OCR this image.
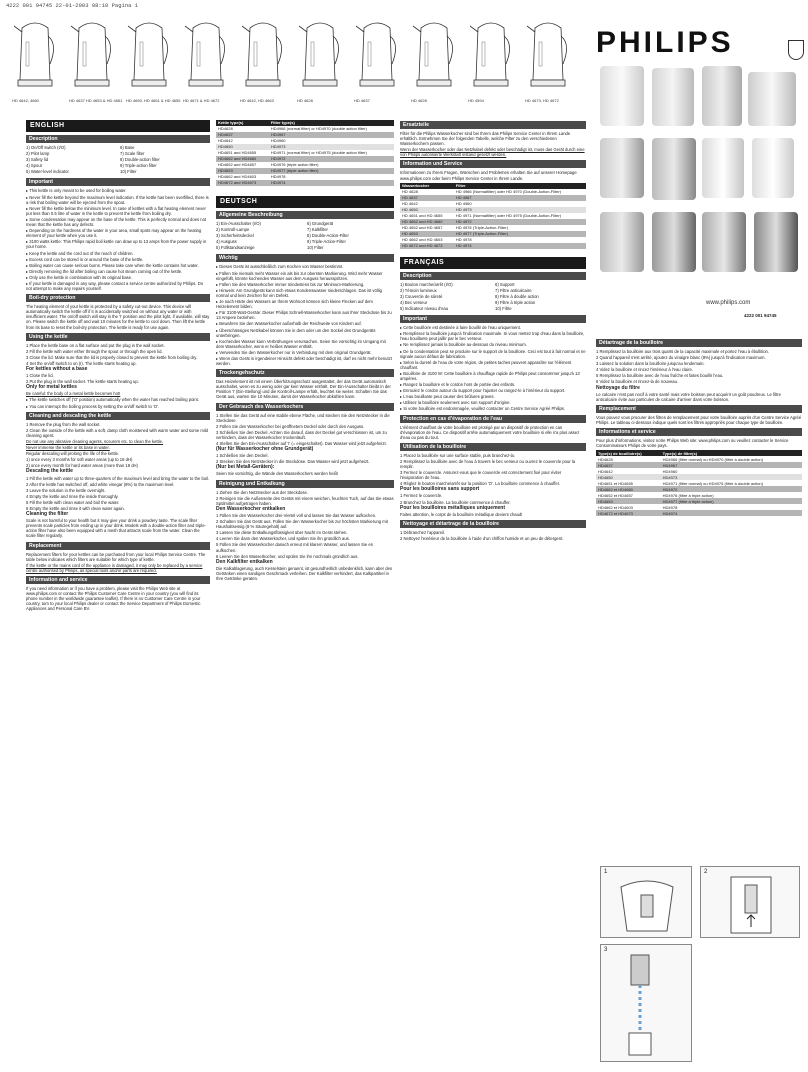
4222 001 94745 22-01-2003 08:10 Pagina 1
HD 4642, 4660	HD 4637 HD 4653 & HD 4651 HD 4650, HD 4661 & HD 4655 HD 4671 & HD 4672	HD 4642, HD 4663	HD 4628	HD 4637	HD 4628	HD 4594	HD 4673, HD 4672
ENGLISH
Description
1) On/Off switch (I/O)
2) Pilot lamp
3) Safety lid
4) Spout
5) Water-level indicator
6) Base
7) Scale filter
8) Double-action filter
9) Triple-action filter
10) Filter
Important
▸ This kettle is only meant to be used for boiling water.
▸ Never fill the kettle beyond the maximum level indication. If the kettle has been overfilled, there is a risk that boiling water will be ejected from the spout.
▸ Never fill the kettle below the minimum level. In case of kettles with a flat heating element never put less than 0.5 litre of water in the kettle to prevent the kettle from boiling dry.
▸ Some condensation may appear on the base of the kettle. This is perfectly normal and does not mean that the kettle has any defects.
▸ Depending on the hardness of the water in your area, small spots may appear on the heating element of your kettle when you use it.
▸ 3100 watts kettle: This Philips rapid boil kettle can draw up to 13 amps from the power supply in your home.
▸ Keep the kettle and the cord out of the reach of children.
▸ Excess cord can be stored in or around the base of the kettle.
▸ Boiling water can cause serious burns. Please take care when the kettle contains hot water.
▸ Directly removing the lid after boiling can cause hot steam coming out of the kettle.
▸ Only use the kettle in combination with its original base.
▸ If your kettle is damaged in any way, please contact a service centre authorized by Philips. Do not attempt to make any repairs yourself.
Boil-dry protection
The heating element of your kettle is protected by a safety cut-out device. This device will automatically switch the kettle off if it is accidentally switched on without any water or with insufficient water. The on/off switch will stay in the 'I' position and the pilot light, if available, will stay on. Please switch the kettle off and wait 10 minutes for the kettle to cool down. Then lift the kettle from its base to reset the boil-dry protection. The kettle is ready for use again.
Using the kettle
1 Place the kettle base on a flat surface and put the plug in the wall socket.
2 Fill the kettle with water either through the spout or through the open lid.
3 Close the lid. Make sure that the lid is properly closed to prevent the kettle from boiling dry.
4 Set the on/off switch to on (I). The kettle starts heating up.
For kettles without a base
1 Close the lid.
2 Put the plug in the wall socket. The kettle starts heating up.
Only for metal kettles
Be careful: the body of a metal kettle becomes hot!
▸ The kettle switches off ('O' position) automatically when the water has reached boiling point.
▸ You can interrupt the boiling process by setting the on/off switch to 'O'.
Cleaning and descaling the kettle
1 Remove the plug from the wall socket.
2 Clean the outside of the kettle with a soft, damp cloth moistened with warm water and some mild cleaning agent.
Do not use any abrasive cleaning agents, scourers etc. to clean the kettle.
Never immerse the kettle or its base in water.
Regular descaling will prolong the life of the kettle.
1) once every 3 months for soft water areas (up to 18 dH)
2) once every month for hard water areas (more than 18 dH)
Descaling the kettle
1 Fill the kettle with water up to three-quarters of the maximum level and bring the water to the boil.
2 After the kettle has switched off, add white vinegar (8%) to the maximum level.
3 Leave the solution in the kettle overnight.
4 Empty the kettle and rinse the inside thoroughly.
5 Fill the kettle with clean water and boil the water.
6 Empty the kettle and rinse it with clean water again.
Cleaning the filter
Scale is not harmful to your health but it may give your drink a powdery taste. The scale filter prevents scale particles from ending up in your drink. Models with a double-action filter and triple-action filter have also been equipped with a mesh that attracts scale from the water. Clean the scale filter regularly.
Replacement
Replacement filters for your kettles can be purchased from your local Philips Service Centre. The table below indicates which filters are suitable for which type of kettle.
If the kettle or the mains cord of the appliance is damaged, it may only be replaced by a service centre authorised by Philips, as special tools and/or parts are required.
Information and service
If you need information or if you have a problem, please visit the Philips Web site at www.philips.com or contact the Philips Customer Care Centre in your country (you will find its phone number in the worldwide guarantee leaflet). If there is no Customer Care Centre in your country, turn to your local Philips dealer or contact the Service Department of Philips Domestic Appliances and Personal Care BV.
Kettle type(s)	Filter type(s)
HD4628	HD4966 (normal filter) or HD4970 (double action filter)
HD4637	HD4967
HD4642	HD4960
HD4650	HD4973
HD4651 and HD4655	HD4971 (normal filter) or HD4975 (double action filter)
HD4662 and HD4660	HD4972
HD4652 and HD4657	HD4976 (triple action filter)
HD4653	HD4977 (triple action filter)
HD4662 and HD4603	HD4978
HD4672 and HD4673	HD4974
DEUTSCH
Allgemeine Beschreibung
1) Ein-/Ausschalter (I/O)
2) Kontroll-Lampe
3) Sicherheitsdeckel
4) Ausguss
5) Füllstandsanzeige
6) Grundgerät
7) Kalkfilter
8) Double-Action-Filter
9) Triple-Action-Filter
10) Filter
Wichtig
▸ Dieses Gerät ist ausschließlich zum Kochen von Wasser bestimmt.
▸ Füllen Sie niemals mehr Wasser ein als bis zur obersten Markierung. Wird mehr Wasser eingefüllt, könnte kochendes Wasser aus dem Ausguss herausspritzen.
▸ Füllen Sie den Wasserkocher immer mindestens bis zur Minimum-Markierung.
▸ Hinweis: Am Grundgerät kann sich etwas Kondenswasser niederschlagen. Das ist völlig normal und kein Zeichen für ein Defekt.
▸ Je nach Härte des Wassers an Ihrem Wohnort können sich kleine Flecken auf dem Heizelement bilden.
▸ Für 3100-Watt-Geräte: Dieser Philips Schnell-Wasserkocher kann aus Ihrer Steckdose bis zu 13 Ampere beziehen.
▸ Bewahren Sie den Wasserkocher außerhalb der Reichweite von Kindern auf.
▸ Überschüssiges Netzkabel können Sie in dem oder um den Sockel des Grundgeräts unterbringen.
▸ Kochendes Wasser kann Verbrühungen verursachen. Seien Sie vorsichtig im Umgang mit dem Wasserkocher, wenn er heißes Wasser enthält.
▸ Verwenden Sie den Wasserkocher nur in Verbindung mit dem original Grundgerät.
▸ Wenn das Gerät in irgendeiner Hinsicht defekt oder beschädigt ist, darf es nicht mehr benutzt werden.
Trockengehschutz
Das Heizelement ist mit einem Überhitzungsschutz ausgestattet, der das Gerät automatisch ausschaltet, wenn es zu wenig oder gar kein Wasser enthält. Der Ein-/Ausschalter bleibt in der Position 'I' (Ein-Stellung) und die Kontroll-Lampe erhält, leuchtet sie weiter. Schalten Sie das Gerät aus, warten Sie 10 Minuten, damit der Wasserkocher abkühlen kann.
Der Gebrauch des Wasserkochers
1 Stellen Sie das Gerät auf eine stabile ebene Fläche, und stecken Sie den Netzstecker in die Steckdose.
2 Füllen Sie den Wasserkocher bei geöffnetem Deckel oder durch den Ausguss.
3 Schließen Sie den Deckel. Achten Sie darauf, dass der Deckel gut verschlossen ist, um zu verhindern, dass der Wasserkocher trockenläuft.
4 Stellen Sie den Ein-/Ausschalter auf 'I' (= eingeschaltet). Das Wasser wird jetzt aufgeheizt.
(Nur für Wasserkocher ohne Grundgerät)
1 Schließen Sie den Deckel.
2 Stecken Sie den Netzstecker in die Steckdose. Das Wasser wird jetzt aufgeheizt.
(Nur bei Metall-Geräten):
Seien Sie vorsichtig, die Wände des Wasserkochers werden heiß!
Reinigung und Entkalkung
1 Ziehen Sie den Netzstecker aus der Steckdose.
2 Reinigen Sie die Außenseite des Geräts mit einem weichen, feuchten Tuch, auf das Sie etwas Spülmittel aufgetragen haben.
Den Wasserkocher entkalken
1 Füllen Sie den Wasserkocher drei-Viertel voll und lassen Sie das Wasser aufkochen.
2 Schalten Sie das Gerät aus. Füllen Sie den Wasserkocher bis zur höchsten Markierung mit Haushaltsessig (8 % Säuregehalt) auf.
3 Lassen Sie diese Entkalkungsflüssigkeit über Nacht im Gerät stehen.
4 Leeren Sie dann den Wasserkocher, und spülen Sie ihn gründlich aus.
5 Füllen Sie den Wasserkocher danach erneut mit klarem Wasser, und lassen Sie es aufkochen.
6 Leeren Sie den Wasserkocher, und spülen Sie ihn nochmals gründlich aus.
Den Kalkfilter entkalken
Die Kalkablagerung, auch Kesselstein genannt, ist gesundheitlich unbedenklich, kann aber den Getränken einen sandigen Geschmack verleihen. Der Kalkfilter verhindert, das Kalkpartikel in Ihre Getränke geraten.
Ersatzteile
Filter für die Philips Wasserkocher sind bei Ihrem das Philips Service Center in Ihrem Lande erhältlich. Entnehmen Sie der folgenden Tabelle, welche Filter zu den verschiedenen Wasserkochern passen.
Wenn der Wasserkocher oder das Netzkabel defekt oder beschädigt ist, muss das Gerät durch eine von Philips autorisierte Werkstatt instand gesetzt werden.
Information und Service
Informationen zu Ihrem Fragen, Wünschen und Problemen erhalten Sie auf unserer Homepage www.philips.com oder beim Philips Service Center in Ihrem Lande.
Wasserkocher	Filter
HD 4628	HD 4966 (Normalfilter) oder HD 4970 (Double-Action-Filter)
HD 4637	HD 4967
HD 4642	HD 4960
HD 4650	HD 4973
HD 4651 und HD 4655	HD 4971 (Normalfilter) oder HD 4975 (Double-Action-Filter)
HD 4662 und HD 4660	HD 4972
HD 4652 und HD 4657	HD 4976 (Triple-Action-Filter)
HD 4653	HD 4977 (Triple-Action-Filter)
HD 4662 und HD 4603	HD 4978
HD 4672 und HD 4673	HD 4974
FRANÇAIS
Description
1) Bouton marche/arrêt (I/O)
2) Témoin lumineux
3) Couvercle de sûreté
4) Bec verseur
5) Indicateur niveau d'eau
6) Support
7) Filtre anticalcaire
8) Filtre à double action
9) Filtre à triple action
10) Filtre
Important
▸ Cette bouilloire est destinée à faire bouillir de l'eau uniquement.
▸ Remplissez la bouilloire jusqu'à l'indication maximale. Si vous mettez trop d'eau dans la bouilloire, l'eau bouillante peut jaillir par le bec verseur.
▸ Ne remplissez jamais la bouilloire au-dessous du niveau minimum.
▸ De la condensation peut se produire sur le support de la bouilloire. Ceci est tout à fait normal et ne signale aucun défaut de fabrication.
▸ Selon la dureté de l'eau de votre région, de petites taches peuvent apparaître sur l'élément chauffant.
▸ Bouilloire de 3100 W: Cette bouilloire à chauffage rapide de Philips peut consommer jusqu'à 13 ampères.
▸ Rangez la bouilloire et le cordon hors de portée des enfants.
▸ Enroulez le cordon autour du support pour l'ajuster ou rangez-le à l'intérieur du support.
▸ L'eau bouillante peut causer des brûlures graves.
▸ Utilisez la bouilloire seulement avec son support d'origine.
▸ Si votre bouilloire est endommagée, veuillez contacter un Centre Service Agréé Philips.
Protection en cas d'évaporation de l'eau
L'élément chauffant de votre bouilloire est protégé par un dispositif de protection en cas d'évaporation de l'eau. Ce dispositif arrête automatiquement votre bouilloire si elle n'a plus assez d'eau ou pas du tout.
Utilisation de la bouilloire
1 Placez la bouilloire sur une surface stable, puis branchez-la.
2 Remplissez la bouilloire avec de l'eau à travers le bec verseur ou ouvrez le couvercle pour la remplir.
3 Fermez le couvercle. Assurez-vous que le couvercle est correctement fixé pour éviter l'évaporation de l'eau.
4 Réglez le bouton marche/arrêt sur la position 'O'. La bouilloire commence à chauffer.
Pour les bouilloires sans support
1 Fermez le couvercle.
2 Branchez la bouilloire. La bouilloire commence à chauffer.
Pour les bouilloires métalliques uniquement
Faites attention, le corps de la bouilloire métallique devient chaud!
Nettoyage et détartrage de la bouilloire
1 Débranchez l'appareil.
2 Nettoyez l'extérieur de la bouilloire à l'aide d'un chiffon humide et un peu de détergent.
PHILIPS
www.philips.com
4222 001 94745
Détartrage de la bouilloire
1 Remplissez la bouilloire aux trois quarts de la capacité maximale et portez l'eau à ébullition.
2 Quand l'appareil s'est arrêté, ajoutez du vinaigre blanc (8%) jusqu'à l'indication maximum.
3 Laissez la solution dans la bouilloire jusqu'au lendemain.
4 Videz la bouilloire et rincez l'intérieur à l'eau claire.
5 Remplissez la bouilloire avec de l'eau fraîche et faites bouillir l'eau.
6 Videz la bouilloire et rincez-la de nouveau.
Nettoyage du filtre
Le calcaire n'est pas nocif à votre santé mais votre boisson peut acquérir un goût poudreux. Le filtre anticalcaire évite aux particules de calcaire d'arriver dans votre boisson.
Remplacement
Vous pouvez vous procurer des filtres de remplacement pour votre bouilloire auprès d'un Centre Service Agréé Philips. Le tableau ci-dessous indique quels sont les filtres appropriés pour chaque type de bouilloire.
Informations et service
Pour plus d'informations, visitez notre Philips Web site: www.philips.com ou veuillez contacter le Service Consommateurs Philips de votre pays.
Type(s) de bouilloire(s)	Type(s) de filtre(s)
HD4628	HD4966 (filtre normal) ou HD4970 (filtre à double action)
HD4637	HD4967
HD4642	HD4960
HD4650	HD4973
HD4651 et HD4655	HD4971 (filtre normal) ou HD4975 (filtre à double action)
HD4662 et HD4660	HD4972
HD4652 et HD4657	HD4976 (filtre à triple action)
HD4653	HD4977 (filtre à triple action)
HD4662 et HD4603	HD4978
HD4672 et HD4673	HD4974
1	2
3
